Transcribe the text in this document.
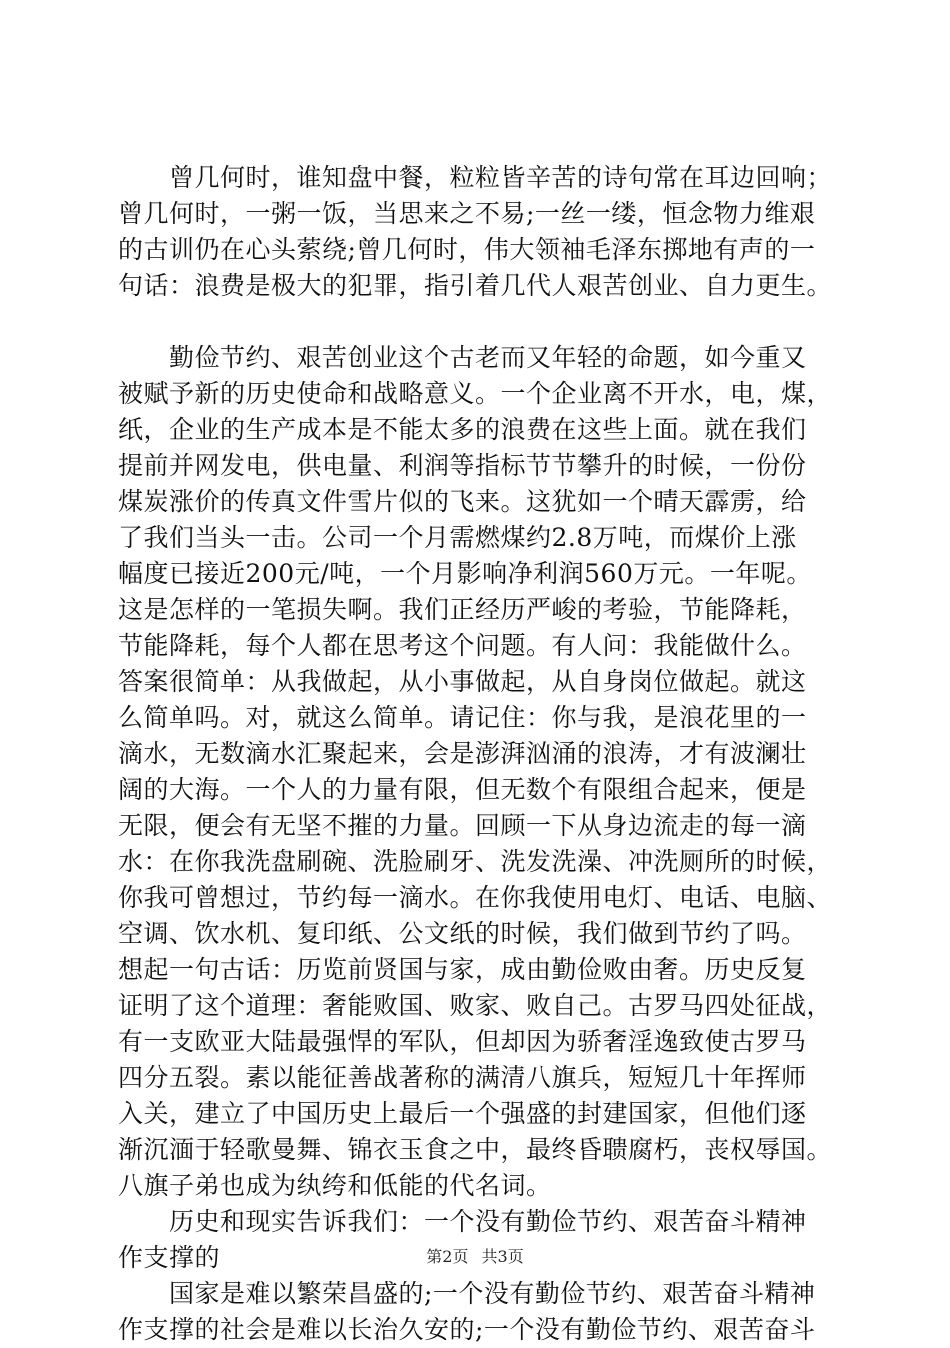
　　曾几何时，谁知盘中餐，粒粒皆辛苦的诗句常在耳边回响；

曾几何时，一粥一饭，当思来之不易;一丝一缕，恒念物力维艰

的古训仍在心头萦绕;曾几何时，伟大领袖毛泽东掷地有声的一

句话：浪费是极大的犯罪，指引着几代人艰苦创业、自力更生。

　　勤俭节约、艰苦创业这个古老而又年轻的命题，如今重又

被赋予新的历史使命和战略意义。一个企业离不开水，电，煤，

纸，企业的生产成本是不能太多的浪费在这些上面。就在我们

提前并网发电，供电量、利润等指标节节攀升的时候，一份份

煤炭涨价的传真文件雪片似的飞来。这犹如一个晴天霹雳，给

了我们当头一击。公司一个月需燃煤约2.8万吨，而煤价上涨

幅度已接近200元/吨，一个月影响净利润560万元。一年呢。

这是怎样的一笔损失啊。我们正经历严峻的考验，节能降耗，

节能降耗，每个人都在思考这个问题。有人问：我能做什么。

答案很简单：从我做起，从小事做起，从自身岗位做起。就这

么简单吗。对，就这么简单。请记住：你与我，是浪花里的一

滴水，无数滴水汇聚起来，会是澎湃汹涌的浪涛，才有波澜壮

阔的大海。一个人的力量有限，但无数个有限组合起来，便是

无限，便会有无坚不摧的力量。回顾一下从身边流走的每一滴

水：在你我洗盘刷碗、洗脸刷牙、洗发洗澡、冲洗厕所的时候，

你我可曾想过，节约每一滴水。在你我使用电灯、电话、电脑、

空调、饮水机、复印纸、公文纸的时候，我们做到节约了吗。

想起一句古话：历览前贤国与家，成由勤俭败由奢。历史反复

证明了这个道理：奢能败国、败家、败自己。古罗马四处征战，

有一支欧亚大陆最强悍的军队，但却因为骄奢淫逸致使古罗马

四分五裂。素以能征善战著称的满清八旗兵，短短几十年挥师

入关，建立了中国历史上最后一个强盛的封建国家，但他们逐

渐沉湎于轻歌曼舞、锦衣玉食之中，最终昏聩腐朽，丧权辱国。

八旗子弟也成为纨绔和低能的代名词。

　　历史和现实告诉我们：一个没有勤俭节约、艰苦奋斗精神

作支撑的

　　国家是难以繁荣昌盛的;一个没有勤俭节约、艰苦奋斗精神

作支撑的社会是难以长治久安的;一个没有勤俭节约、艰苦奋斗

第2页 共3页
